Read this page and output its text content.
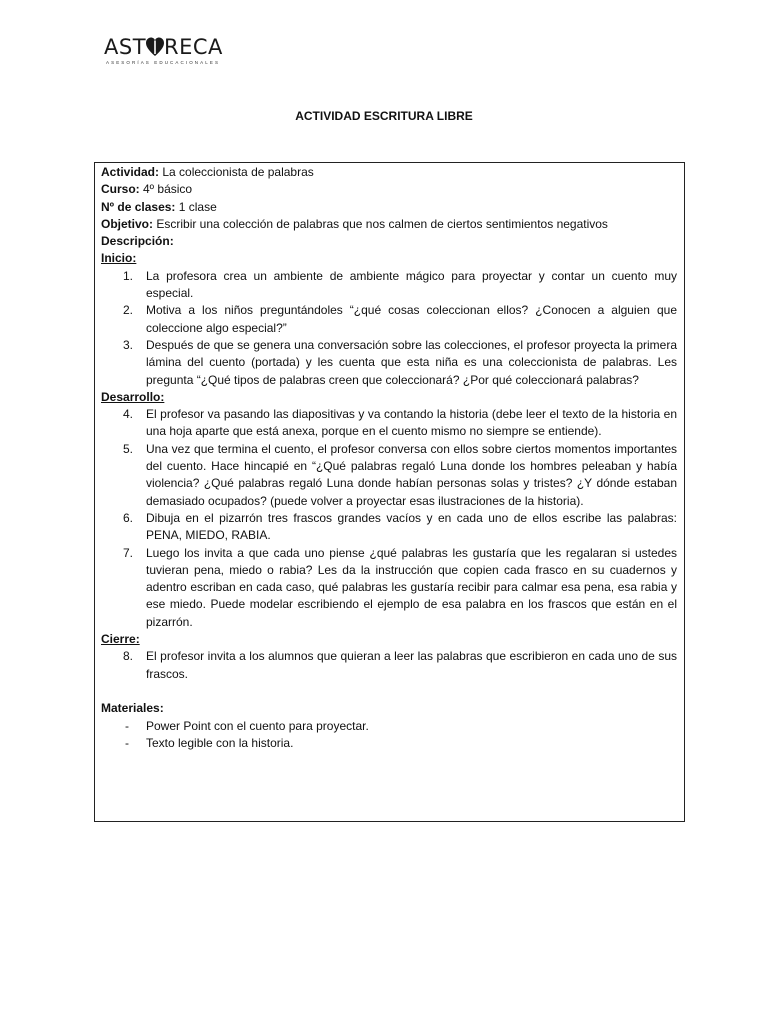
AST RECA
ASESORÍAS EDUCACIONALES
ACTIVIDAD ESCRITURA LIBRE
Actividad: La coleccionista de palabras
Curso: 4º básico
Nº de clases: 1 clase
Objetivo: Escribir una colección de palabras que nos calmen de ciertos sentimientos negativos
Descripción:
Inicio:
1. La profesora crea un ambiente de ambiente mágico para proyectar y contar un cuento muy especial.
2. Motiva a los niños preguntándoles “¿qué cosas coleccionan ellos? ¿Conocen a alguien que coleccione algo especial?”
3. Después de que se genera una conversación sobre las colecciones, el profesor proyecta la primera lámina del cuento (portada) y les cuenta que esta niña es una coleccionista de palabras. Les pregunta “¿Qué tipos de palabras creen que coleccionará? ¿Por qué coleccionará palabras?
Desarrollo:
4. El profesor va pasando las diapositivas y va contando la historia (debe leer el texto de la historia en una hoja aparte que está anexa, porque en el cuento mismo no siempre se entiende).
5. Una vez que termina el cuento, el profesor conversa con ellos sobre ciertos momentos importantes del cuento. Hace hincapié en “¿Qué palabras regaló Luna donde los hombres peleaban y había violencia? ¿Qué palabras regaló Luna donde habían personas solas y tristes? ¿Y dónde estaban demasiado ocupados? (puede volver a proyectar esas ilustraciones de la historia).
6. Dibuja en el pizarrón tres frascos grandes vacíos y en cada uno de ellos escribe las palabras: PENA, MIEDO, RABIA.
7. Luego los invita a que cada uno piense ¿qué palabras les gustaría que les regalaran si ustedes tuvieran pena, miedo o rabia? Les da la instrucción que copien cada frasco en su cuadernos y adentro escriban en cada caso, qué palabras les gustaría recibir para calmar esa pena, esa rabia y ese miedo. Puede modelar escribiendo el ejemplo de esa palabra en los frascos que están en el pizarrón.
Cierre:
8. El profesor invita a los alumnos que quieran a leer las palabras que escribieron en cada uno de sus frascos.
Materiales:
- Power Point con el cuento para proyectar.
- Texto legible con la historia.
